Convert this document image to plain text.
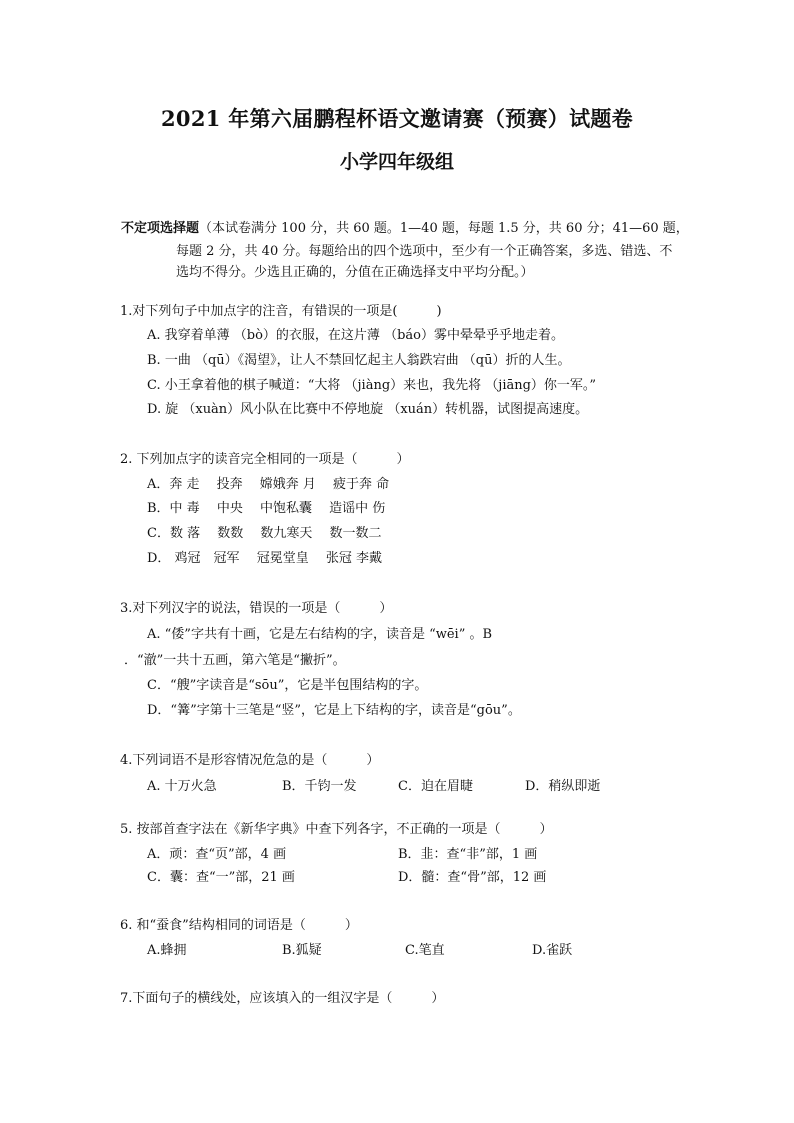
2021 年第六届鹏程杯语文邀请赛（预赛）试题卷
小学四年级组
不定项选择题（本试卷满分 100 分，共 60 题。1—40 题，每题 1.5 分，共 60 分；41—60 题，
每题 2 分，共 40 分。每题给出的四个选项中，至少有一个正确答案，多选、错选、不
选均不得分。少选且正确的，分值在正确选择支中平均分配。）
1.对下列句子中加点字的注音，有错误的一项是(　　　)
A. 我穿着单薄 （bò）的衣服，在这片薄 （báo）雾中晕晕乎乎地走着。
B. 一曲 （qū）《渴望》，让人不禁回忆起主人翁跌宕曲 （qū）折的人生。
C. 小王拿着他的棋子喊道：“大将 （jiàng）来也，我先将 （jiāng）你一军。”
D. 旋 （xuàn）风小队在比赛中不停地旋 （xuán）转机器，试图提高速度。
2. 下列加点字的读音完全相同的一项是（　　　）
A．奔 走　 投奔　 嫦娥奔 月　 疲于奔 命
B．中 毒　 中央　 中饱私囊　 造谣中 伤
C．数 落　 数数　 数九寒天　 数一数二
D． 鸡冠　冠军　 冠冕堂皇　 张冠 李戴
3.对下列汉字的说法，错误的一项是（　　　）
A. “倭”字共有十画，它是左右结构的字，读音是 “wēi” 。B
．“澈”一共十五画，第六笔是“撇折”。
C．“艘”字读音是“sōu”，它是半包围结构的字。
D．“篝”字第十三笔是“竖”，它是上下结构的字，读音是“gōu”。
4.下列词语不是形容情况危急的是（　　　）
A. 十万火急	B．千钧一发	C．迫在眉睫	D．稍纵即逝
5. 按部首查字法在《新华字典》中查下列各字，不正确的一项是（　　　）
A．顽：查“页”部，4 画	B．韭：查“非”部，1 画
C．囊：查“一”部，21 画	D．髓：查“骨”部，12 画
6. 和“蚕食”结构相同的词语是（　　　）
A.蜂拥	B.狐疑	C.笔直	D.雀跃
7.下面句子的横线处，应该填入的一组汉字是（　　　）
